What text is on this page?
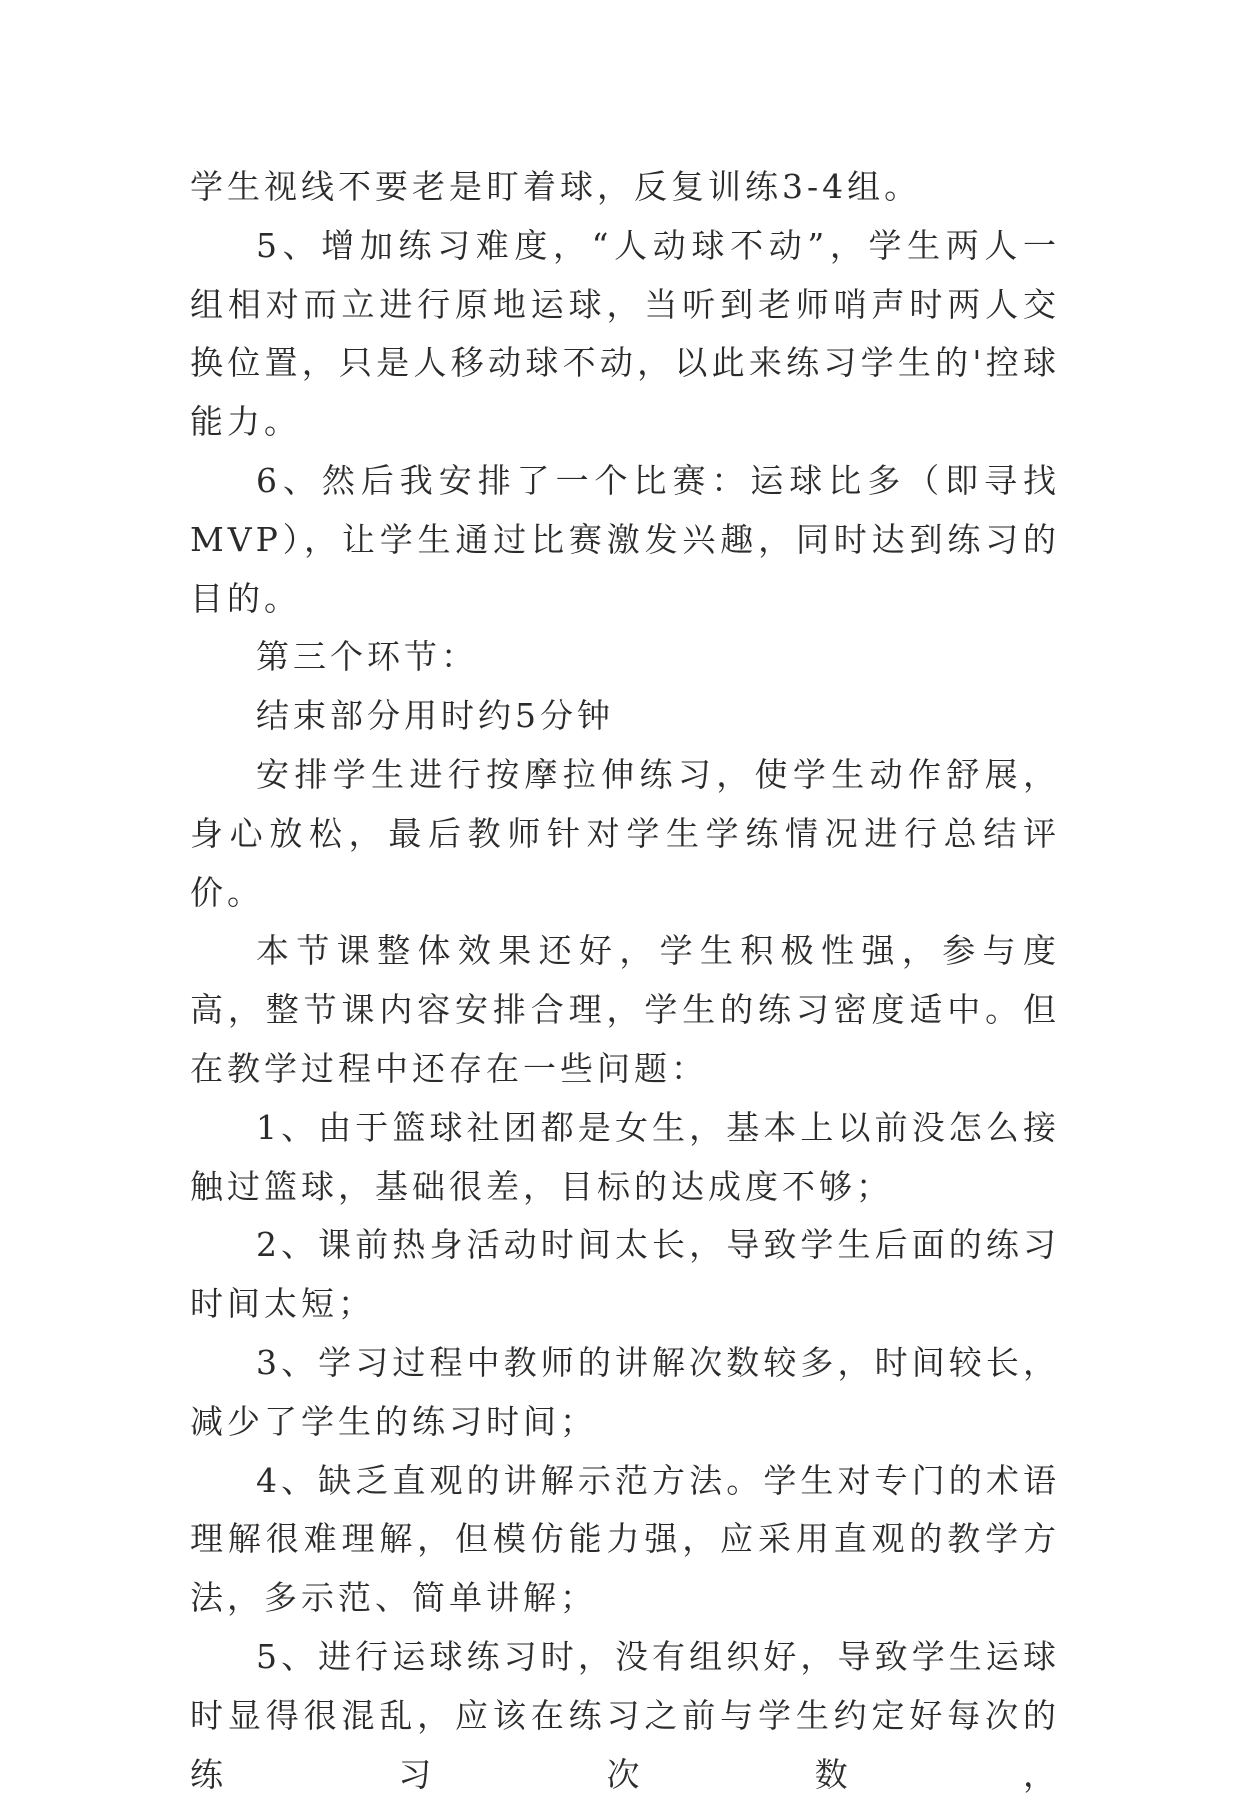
学生视线不要老是盯着球，反复训练3-4组。

5、增加练习难度，“人动球不动”，学生两人一组相对而立进行原地运球，当听到老师哨声时两人交换位置，只是人移动球不动，以此来练习学生的'控球能力。

6、然后我安排了一个比赛：运球比多（即寻找MVP），让学生通过比赛激发兴趣，同时达到练习的目的。

第三个环节：

结束部分用时约5分钟

安排学生进行按摩拉伸练习，使学生动作舒展，身心放松，最后教师针对学生学练情况进行总结评价。

本节课整体效果还好，学生积极性强，参与度高，整节课内容安排合理，学生的练习密度适中。但在教学过程中还存在一些问题：

1、由于篮球社团都是女生，基本上以前没怎么接触过篮球，基础很差，目标的达成度不够；

2、课前热身活动时间太长，导致学生后面的练习时间太短；

3、学习过程中教师的讲解次数较多，时间较长，减少了学生的练习时间；

4、缺乏直观的讲解示范方法。学生对专门的术语理解很难理解，但模仿能力强，应采用直观的教学方法，多示范、简单讲解；

5、进行运球练习时，没有组织好，导致学生运球时显得很混乱，应该在练习之前与学生约定好每次的练习次数，
